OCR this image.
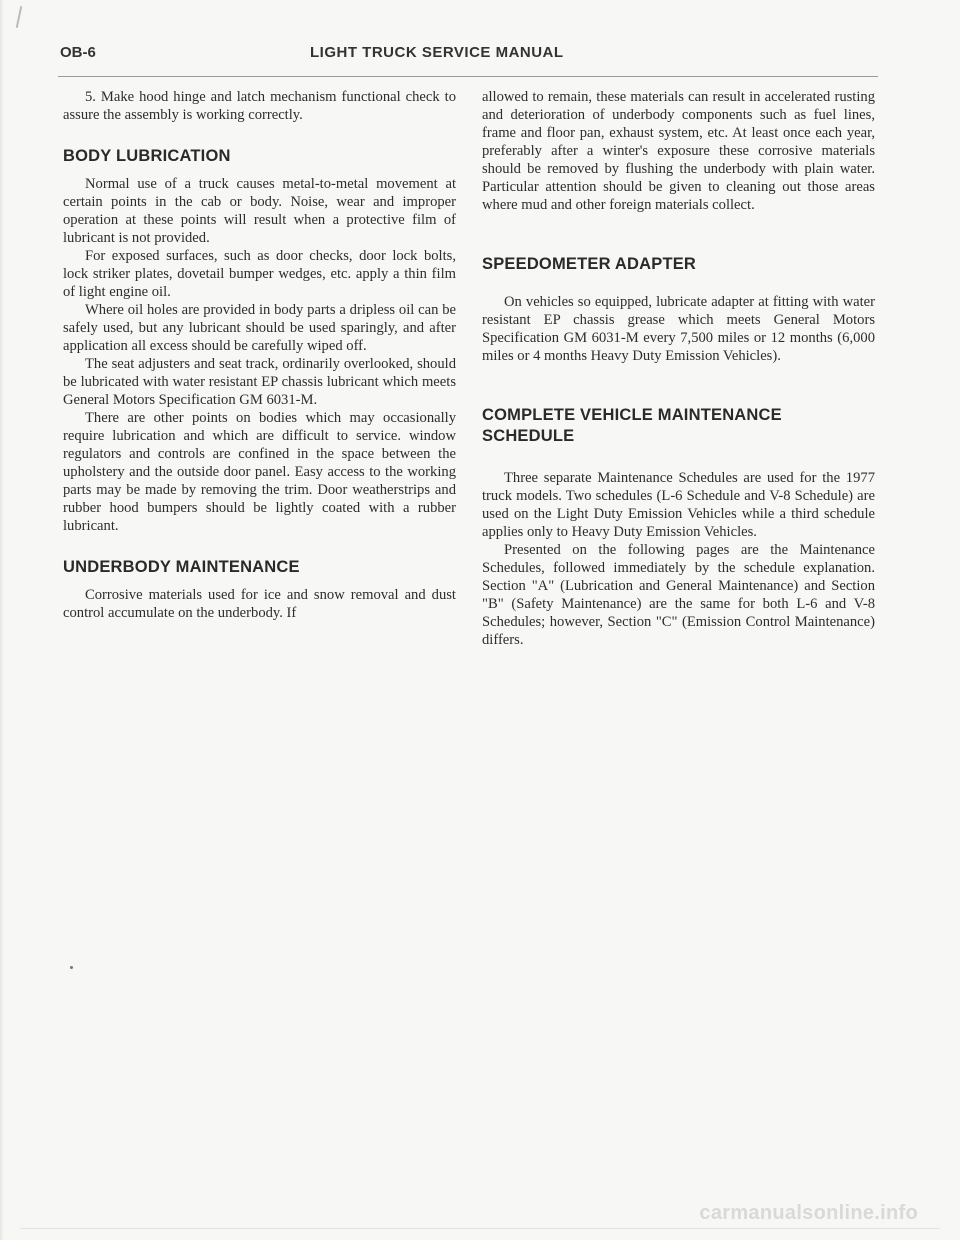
OB-6	LIGHT TRUCK SERVICE MANUAL

5. Make hood hinge and latch mechanism functional check to assure the assembly is working correctly.

BODY LUBRICATION

Normal use of a truck causes metal-to-metal movement at certain points in the cab or body. Noise, wear and improper operation at these points will result when a protective film of lubricant is not provided.

For exposed surfaces, such as door checks, door lock bolts, lock striker plates, dovetail bumper wedges, etc. apply a thin film of light engine oil.

Where oil holes are provided in body parts a dripless oil can be safely used, but any lubricant should be used sparingly, and after application all excess should be carefully wiped off.

The seat adjusters and seat track, ordinarily overlooked, should be lubricated with water resistant EP chassis lubricant which meets General Motors Specification GM 6031-M.

There are other points on bodies which may occasionally require lubrication and which are difficult to service. window regulators and controls are confined in the space between the upholstery and the outside door panel. Easy access to the working parts may be made by removing the trim. Door weatherstrips and rubber hood bumpers should be lightly coated with a rubber lubricant.

UNDERBODY MAINTENANCE

Corrosive materials used for ice and snow removal and dust control accumulate on the underbody. If

allowed to remain, these materials can result in accelerated rusting and deterioration of underbody components such as fuel lines, frame and floor pan, exhaust system, etc. At least once each year, preferably after a winter's exposure these corrosive materials should be removed by flushing the underbody with plain water. Particular attention should be given to cleaning out those areas where mud and other foreign materials collect.

SPEEDOMETER ADAPTER

On vehicles so equipped, lubricate adapter at fitting with water resistant EP chassis grease which meets General Motors Specification GM 6031-M every 7,500 miles or 12 months (6,000 miles or 4 months Heavy Duty Emission Vehicles).

COMPLETE VEHICLE MAINTENANCE
SCHEDULE

Three separate Maintenance Schedules are used for the 1977 truck models. Two schedules (L-6 Schedule and V-8 Schedule) are used on the Light Duty Emission Vehicles while a third schedule applies only to Heavy Duty Emission Vehicles.

Presented on the following pages are the Maintenance Schedules, followed immediately by the schedule explanation. Section "A" (Lubrication and General Maintenance) and Section "B" (Safety Maintenance) are the same for both L-6 and V-8 Schedules; however, Section "C" (Emission Control Maintenance) differs.

carmanualsonline.info
